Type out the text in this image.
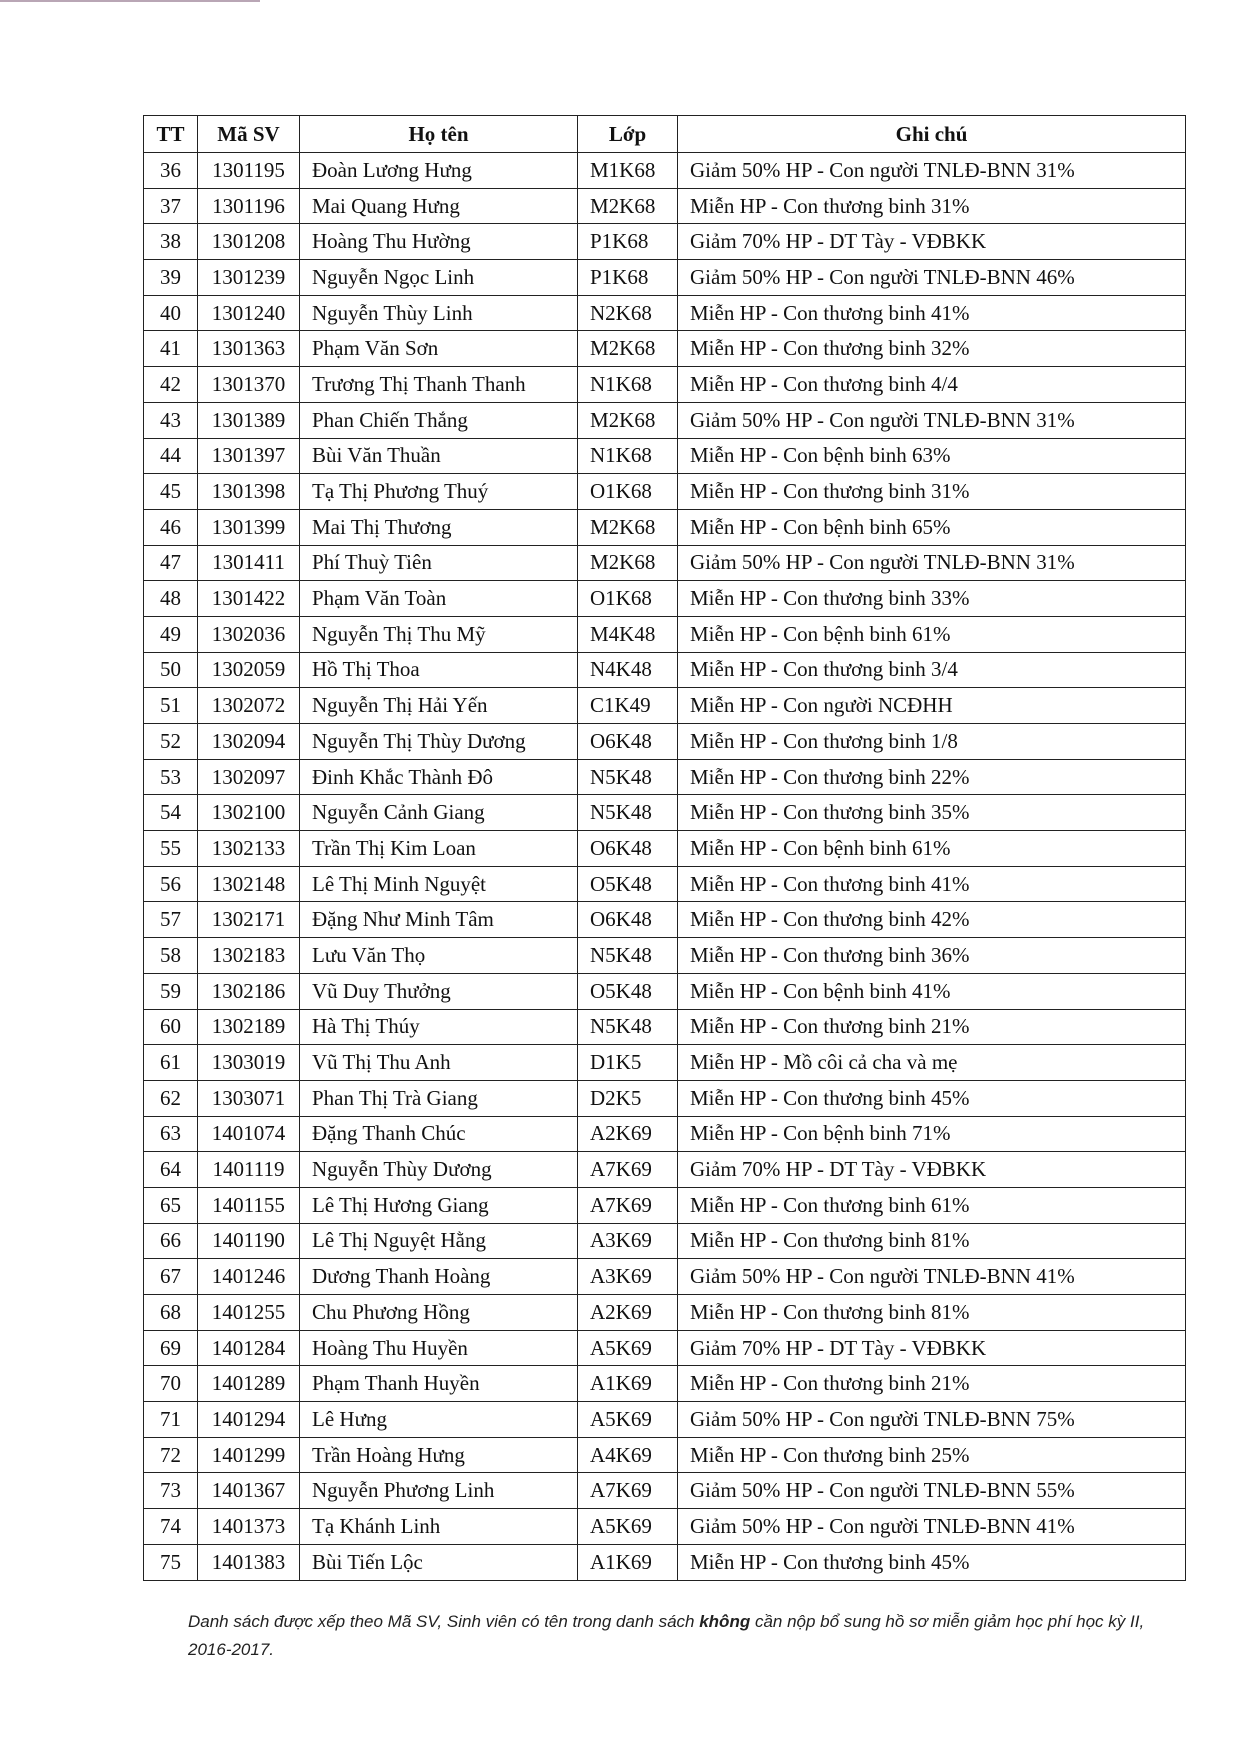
TT	Mã SV	Họ tên	Lớp	Ghi chú
36	1301195	Đoàn Lương Hưng	M1K68	Giảm 50% HP - Con người TNLĐ-BNN 31%
37	1301196	Mai Quang Hưng	M2K68	Miễn HP - Con thương binh 31%
38	1301208	Hoàng Thu Hường	P1K68	Giảm 70% HP - DT Tày - VĐBKK
39	1301239	Nguyễn Ngọc Linh	P1K68	Giảm 50% HP - Con người TNLĐ-BNN 46%
40	1301240	Nguyễn Thùy Linh	N2K68	Miễn HP - Con thương binh 41%
41	1301363	Phạm Văn Sơn	M2K68	Miễn HP - Con thương binh 32%
42	1301370	Trương Thị Thanh Thanh	N1K68	Miễn HP - Con thương binh 4/4
43	1301389	Phan Chiến Thắng	M2K68	Giảm 50% HP - Con người TNLĐ-BNN 31%
44	1301397	Bùi Văn Thuần	N1K68	Miễn HP - Con bệnh binh 63%
45	1301398	Tạ Thị Phương Thuý	O1K68	Miễn HP - Con thương binh 31%
46	1301399	Mai Thị Thương	M2K68	Miễn HP - Con bệnh binh 65%
47	1301411	Phí Thuỳ Tiên	M2K68	Giảm 50% HP - Con người TNLĐ-BNN 31%
48	1301422	Phạm Văn Toàn	O1K68	Miễn HP - Con thương binh 33%
49	1302036	Nguyễn Thị Thu Mỹ	M4K48	Miễn HP - Con bệnh binh 61%
50	1302059	Hồ Thị Thoa	N4K48	Miễn HP - Con thương binh 3/4
51	1302072	Nguyễn Thị Hải Yến	C1K49	Miễn HP - Con người NCĐHH
52	1302094	Nguyễn Thị Thùy Dương	O6K48	Miễn HP - Con thương binh 1/8
53	1302097	Đinh Khắc Thành Đô	N5K48	Miễn HP - Con thương binh 22%
54	1302100	Nguyễn Cảnh Giang	N5K48	Miễn HP - Con thương binh 35%
55	1302133	Trần Thị Kim Loan	O6K48	Miễn HP - Con bệnh binh 61%
56	1302148	Lê Thị Minh Nguyệt	O5K48	Miễn HP - Con thương binh 41%
57	1302171	Đặng Như Minh Tâm	O6K48	Miễn HP - Con thương binh 42%
58	1302183	Lưu Văn Thọ	N5K48	Miễn HP - Con thương binh 36%
59	1302186	Vũ Duy Thưởng	O5K48	Miễn HP - Con bệnh binh 41%
60	1302189	Hà Thị Thúy	N5K48	Miễn HP - Con thương binh 21%
61	1303019	Vũ Thị Thu Anh	D1K5	Miễn HP - Mồ côi cả cha và mẹ
62	1303071	Phan Thị Trà Giang	D2K5	Miễn HP - Con thương binh 45%
63	1401074	Đặng Thanh Chúc	A2K69	Miễn HP - Con bệnh binh 71%
64	1401119	Nguyễn Thùy Dương	A7K69	Giảm 70% HP - DT Tày - VĐBKK
65	1401155	Lê Thị Hương Giang	A7K69	Miễn HP - Con thương binh 61%
66	1401190	Lê Thị Nguyệt Hằng	A3K69	Miễn HP - Con thương binh 81%
67	1401246	Dương Thanh Hoàng	A3K69	Giảm 50% HP - Con người TNLĐ-BNN 41%
68	1401255	Chu Phương Hồng	A2K69	Miễn HP - Con thương binh 81%
69	1401284	Hoàng Thu Huyền	A5K69	Giảm 70% HP - DT Tày - VĐBKK
70	1401289	Phạm Thanh Huyền	A1K69	Miễn HP - Con thương binh 21%
71	1401294	Lê Hưng	A5K69	Giảm 50% HP - Con người TNLĐ-BNN 75%
72	1401299	Trần Hoàng Hưng	A4K69	Miễn HP - Con thương binh 25%
73	1401367	Nguyễn Phương Linh	A7K69	Giảm 50% HP - Con người TNLĐ-BNN 55%
74	1401373	Tạ Khánh Linh	A5K69	Giảm 50% HP - Con người TNLĐ-BNN 41%
75	1401383	Bùi Tiến Lộc	A1K69	Miễn HP - Con thương binh 45%
Danh sách được xếp theo Mã SV, Sinh viên có tên trong danh sách không cần nộp bổ sung hồ sơ miễn giảm học phí học kỳ II, 2016-2017.
